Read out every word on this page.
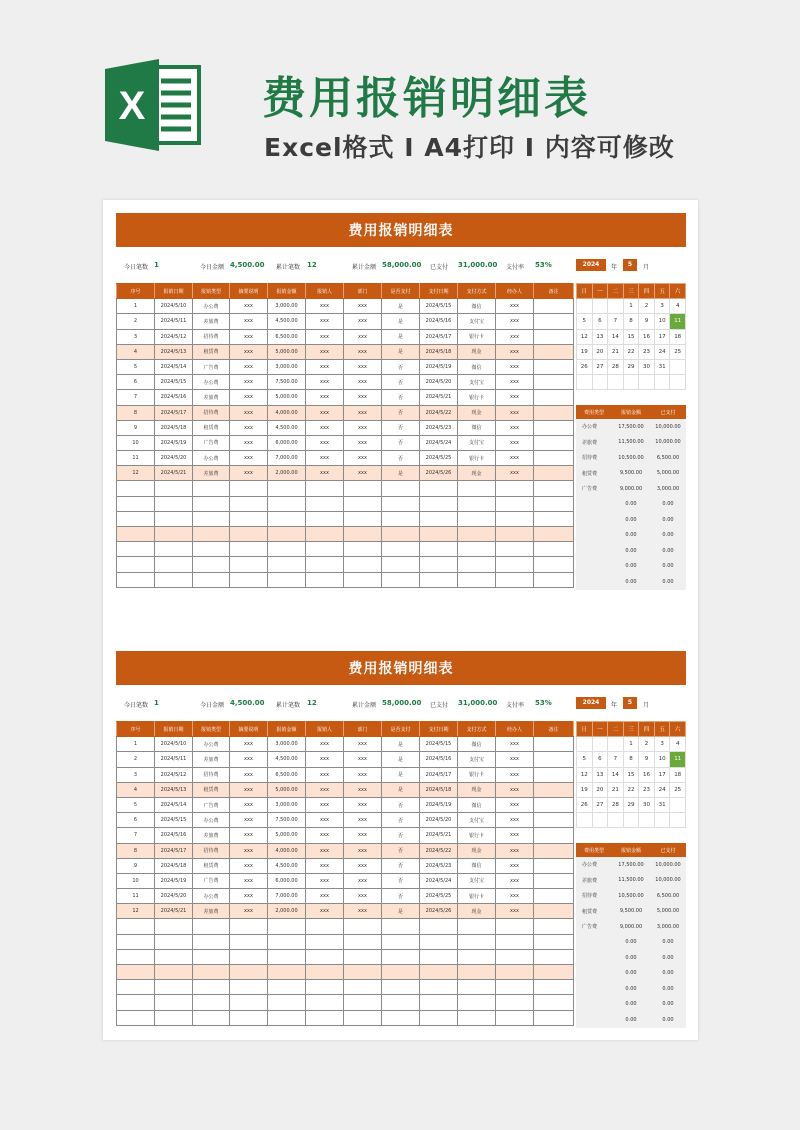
X	费用报销明细表
Excel格式 I A4打印 I 内容可修改
费用报销明细表
今日笔数 1	今日金额 4,500.00 累计笔数 12	累计金额 58,000.00 已支付 31,000.00 支付率 53%	2024	年	5	月
序号	报销日期	报销类型	摘要说明	报销金额	报销人	部门	是否支付	支付日期	支付方式	经办人	备注
1	2024/5/10	办公费	xxx	3,000.00	xxx	xxx	是	2024/5/15	微信	xxx	
2	2024/5/11	差旅费	xxx	4,500.00	xxx	xxx	是	2024/5/16	支付宝	xxx	
3	2024/5/12	招待费	xxx	6,500.00	xxx	xxx	是	2024/5/17	银行卡	xxx	
4	2024/5/13	租赁费	xxx	5,000.00	xxx	xxx	是	2024/5/18	现金	xxx	
5	2024/5/14	广告费	xxx	3,000.00	xxx	xxx	否	2024/5/19	微信	xxx	
6	2024/5/15	办公费	xxx	7,500.00	xxx	xxx	否	2024/5/20	支付宝	xxx	
7	2024/5/16	差旅费	xxx	5,000.00	xxx	xxx	否	2024/5/21	银行卡	xxx	
8	2024/5/17	招待费	xxx	4,000.00	xxx	xxx	否	2024/5/22	现金	xxx	
9	2024/5/18	租赁费	xxx	4,500.00	xxx	xxx	否	2024/5/23	微信	xxx	
10	2024/5/19	广告费	xxx	6,000.00	xxx	xxx	否	2024/5/24	支付宝	xxx	
11	2024/5/20	办公费	xxx	7,000.00	xxx	xxx	否	2024/5/25	银行卡	xxx	
12	2024/5/21	差旅费	xxx	2,000.00	xxx	xxx	是	2024/5/26	现金	xxx	

日	一	二	三	四	五	六
			1	2	3	4
5	6	7	8	9	10	11
12	13	14	15	16	17	18
19	20	21	22	23	24	25
26	27	28	29	30	31	

费用类型	报销金额	已支付
办公费	17,500.00	10,000.00
差旅费	11,500.00	10,000.00
招待费	10,500.00	6,500.00
租赁费	9,500.00	5,000.00
广告费	9,000.00	3,000.00
	0.00	0.00
	0.00	0.00
	0.00	0.00
	0.00	0.00
	0.00	0.00
	0.00	0.00
费用报销明细表
今日笔数 1	今日金额 4,500.00 累计笔数 12	累计金额 58,000.00 已支付 31,000.00 支付率 53%	2024	年	5	月
序号	报销日期	报销类型	摘要说明	报销金额	报销人	部门	是否支付	支付日期	支付方式	经办人	备注
1	2024/5/10	办公费	xxx	3,000.00	xxx	xxx	是	2024/5/15	微信	xxx	
2	2024/5/11	差旅费	xxx	4,500.00	xxx	xxx	是	2024/5/16	支付宝	xxx	
3	2024/5/12	招待费	xxx	6,500.00	xxx	xxx	是	2024/5/17	银行卡	xxx	
4	2024/5/13	租赁费	xxx	5,000.00	xxx	xxx	是	2024/5/18	现金	xxx	
5	2024/5/14	广告费	xxx	3,000.00	xxx	xxx	否	2024/5/19	微信	xxx	
6	2024/5/15	办公费	xxx	7,500.00	xxx	xxx	否	2024/5/20	支付宝	xxx	
7	2024/5/16	差旅费	xxx	5,000.00	xxx	xxx	否	2024/5/21	银行卡	xxx	
8	2024/5/17	招待费	xxx	4,000.00	xxx	xxx	否	2024/5/22	现金	xxx	
9	2024/5/18	租赁费	xxx	4,500.00	xxx	xxx	否	2024/5/23	微信	xxx	
10	2024/5/19	广告费	xxx	6,000.00	xxx	xxx	否	2024/5/24	支付宝	xxx	
11	2024/5/20	办公费	xxx	7,000.00	xxx	xxx	否	2024/5/25	银行卡	xxx	
12	2024/5/21	差旅费	xxx	2,000.00	xxx	xxx	是	2024/5/26	现金	xxx	

日	一	二	三	四	五	六
			1	2	3	4
5	6	7	8	9	10	11
12	13	14	15	16	17	18
19	20	21	22	23	24	25
26	27	28	29	30	31	

费用类型	报销金额	已支付
办公费	17,500.00	10,000.00
差旅费	11,500.00	10,000.00
招待费	10,500.00	6,500.00
租赁费	9,500.00	5,000.00
广告费	9,000.00	3,000.00
	0.00	0.00
	0.00	0.00
	0.00	0.00
	0.00	0.00
	0.00	0.00
	0.00	0.00
